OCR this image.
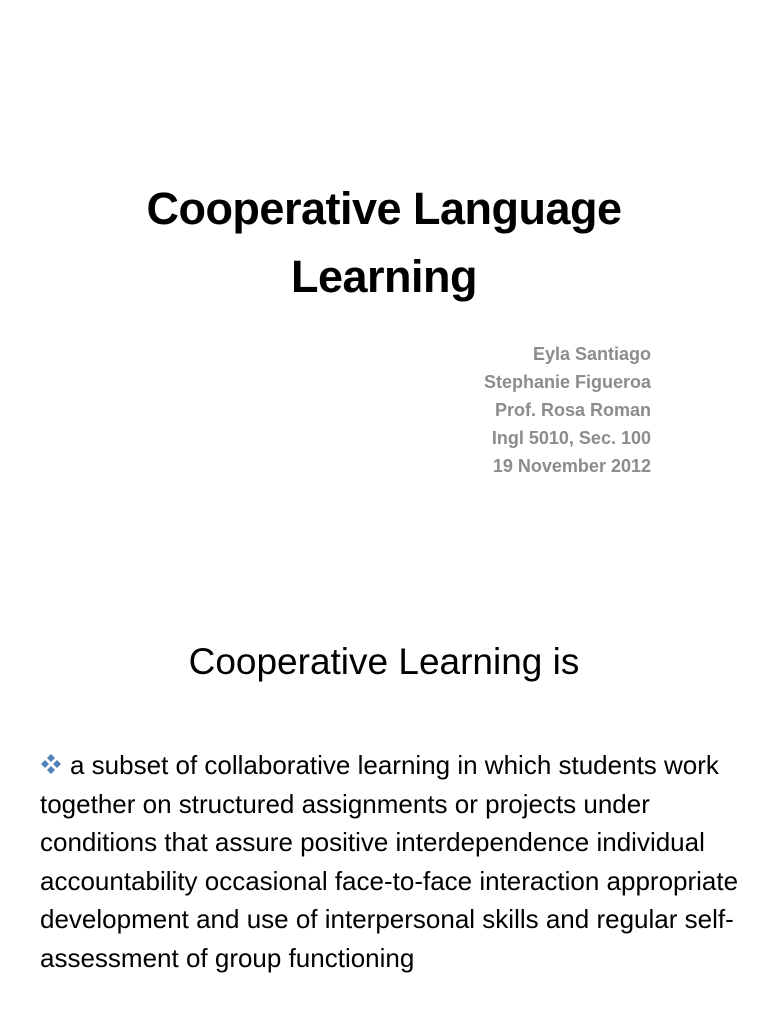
Cooperative Language
Learning
Eyla Santiago
Stephanie Figueroa
Prof. Rosa Roman
Ingl 5010, Sec. 100
19 November 2012
Cooperative Learning is
a subset of collaborative learning in which students work together on structured assignments or projects under conditions that assure positive interdependence individual accountability occasional face-to-face interaction appropriate development and use of interpersonal skills and regular self-assessment of group functioning
